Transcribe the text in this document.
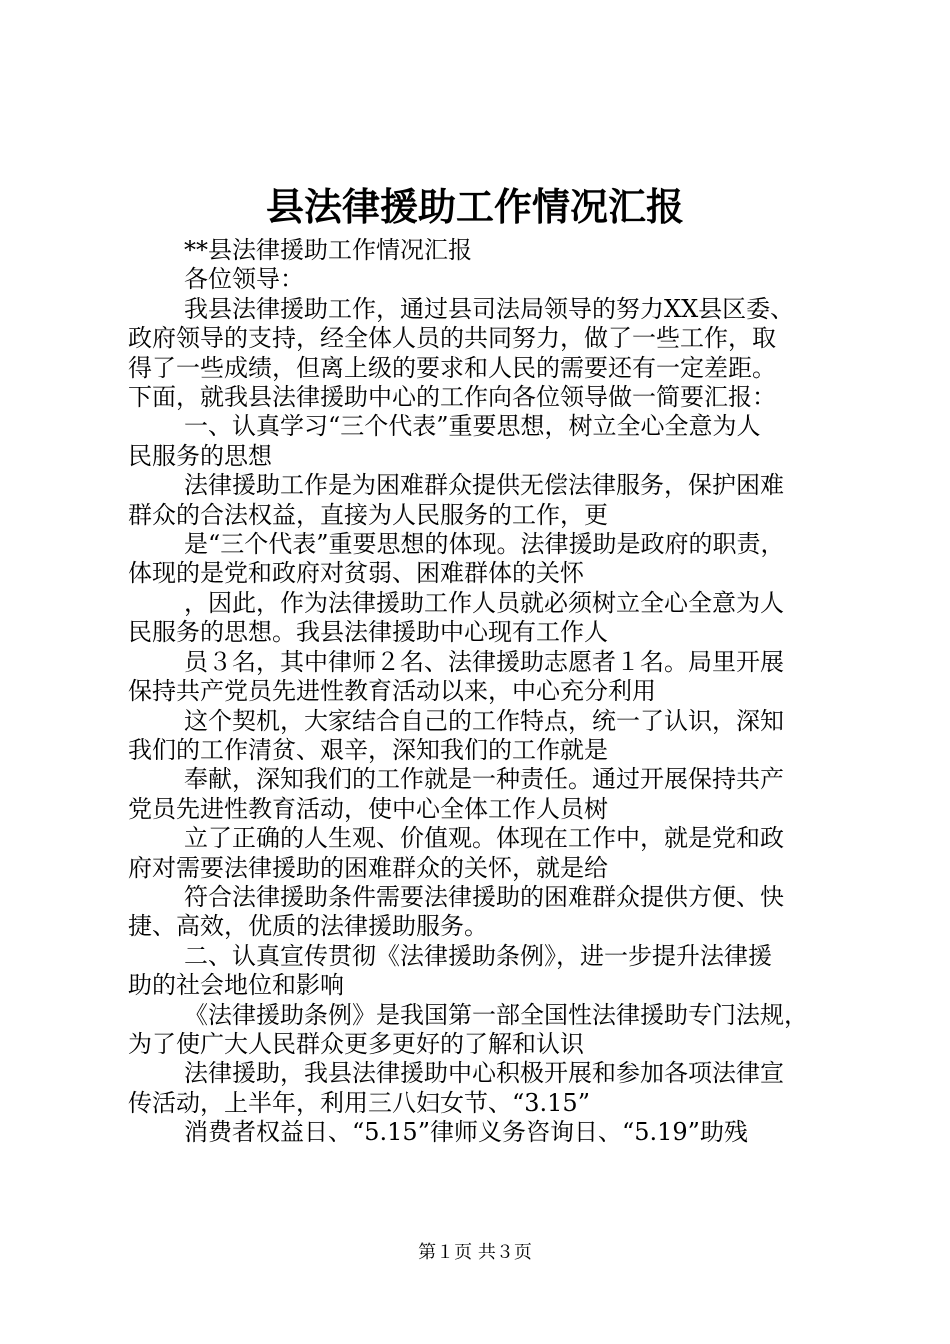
县法律援助工作情况汇报
**县法律援助工作情况汇报
各位领导：
我县法律援助工作，通过县司法局领导的努力XX县区委、
政府领导的支持，经全体人员的共同努力，做了一些工作，取
得了一些成绩，但离上级的要求和人民的需要还有一定差距。
下面，就我县法律援助中心的工作向各位领导做一简要汇报：
一、认真学习“三个代表”重要思想，树立全心全意为人
民服务的思想
法律援助工作是为困难群众提供无偿法律服务，保护困难
群众的合法权益，直接为人民服务的工作，更
是“三个代表”重要思想的体现。法律援助是政府的职责，
体现的是党和政府对贫弱、困难群体的关怀
，因此，作为法律援助工作人员就必须树立全心全意为人
民服务的思想。我县法律援助中心现有工作人
员３名，其中律师２名、法律援助志愿者１名。局里开展
保持共产党员先进性教育活动以来，中心充分利用
这个契机，大家结合自己的工作特点，统一了认识，深知
我们的工作清贫、艰辛，深知我们的工作就是
奉献，深知我们的工作就是一种责任。通过开展保持共产
党员先进性教育活动，使中心全体工作人员树
立了正确的人生观、价值观。体现在工作中，就是党和政
府对需要法律援助的困难群众的关怀，就是给
符合法律援助条件需要法律援助的困难群众提供方便、快
捷、高效，优质的法律援助服务。
二、认真宣传贯彻《法律援助条例》，进一步提升法律援
助的社会地位和影响
《法律援助条例》是我国第一部全国性法律援助专门法规，
为了使广大人民群众更多更好的了解和认识
法律援助，我县法律援助中心积极开展和参加各项法律宣
传活动，上半年，利用三八妇女节、“3.15”
消费者权益日、“5.15”律师义务咨询日、“5.19”助残
第１页 共３页
